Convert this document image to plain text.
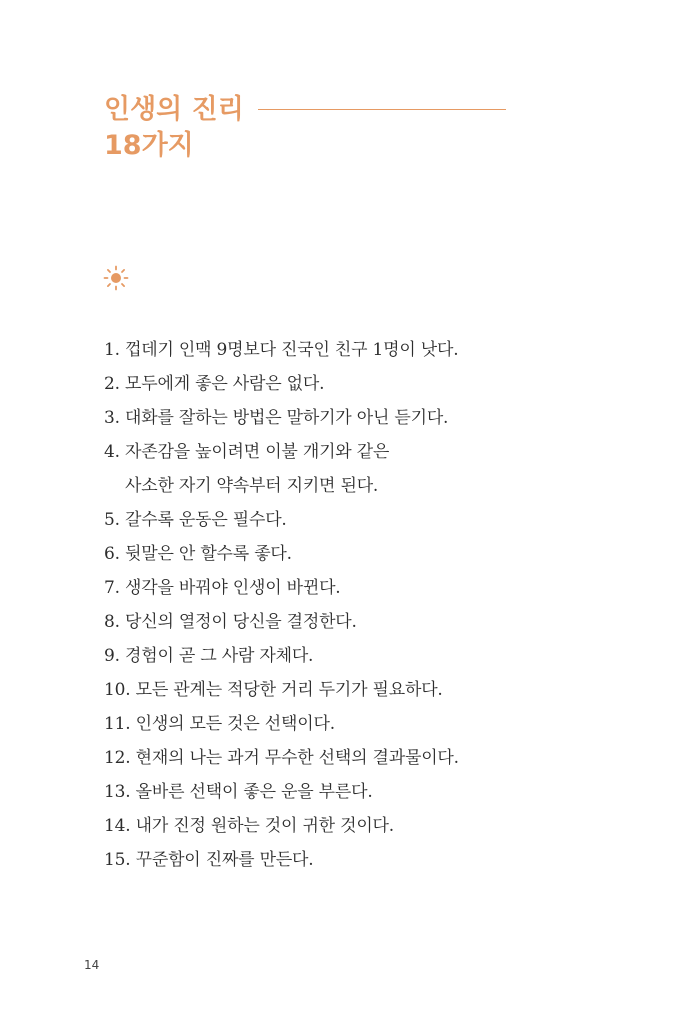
인생의 진리
18가지
1. 껍데기 인맥 9명보다 진국인 친구 1명이 낫다.
2. 모두에게 좋은 사람은 없다.
3. 대화를 잘하는 방법은 말하기가 아닌 듣기다.
4. 자존감을 높이려면 이불 개기와 같은
사소한 자기 약속부터 지키면 된다.
5. 갈수록 운동은 필수다.
6. 뒷말은 안 할수록 좋다.
7. 생각을 바꿔야 인생이 바뀐다.
8. 당신의 열정이 당신을 결정한다.
9. 경험이 곧 그 사람 자체다.
10. 모든 관계는 적당한 거리 두기가 필요하다.
11. 인생의 모든 것은 선택이다.
12. 현재의 나는 과거 무수한 선택의 결과물이다.
13. 올바른 선택이 좋은 운을 부른다.
14. 내가 진정 원하는 것이 귀한 것이다.
15. 꾸준함이 진짜를 만든다.
14
